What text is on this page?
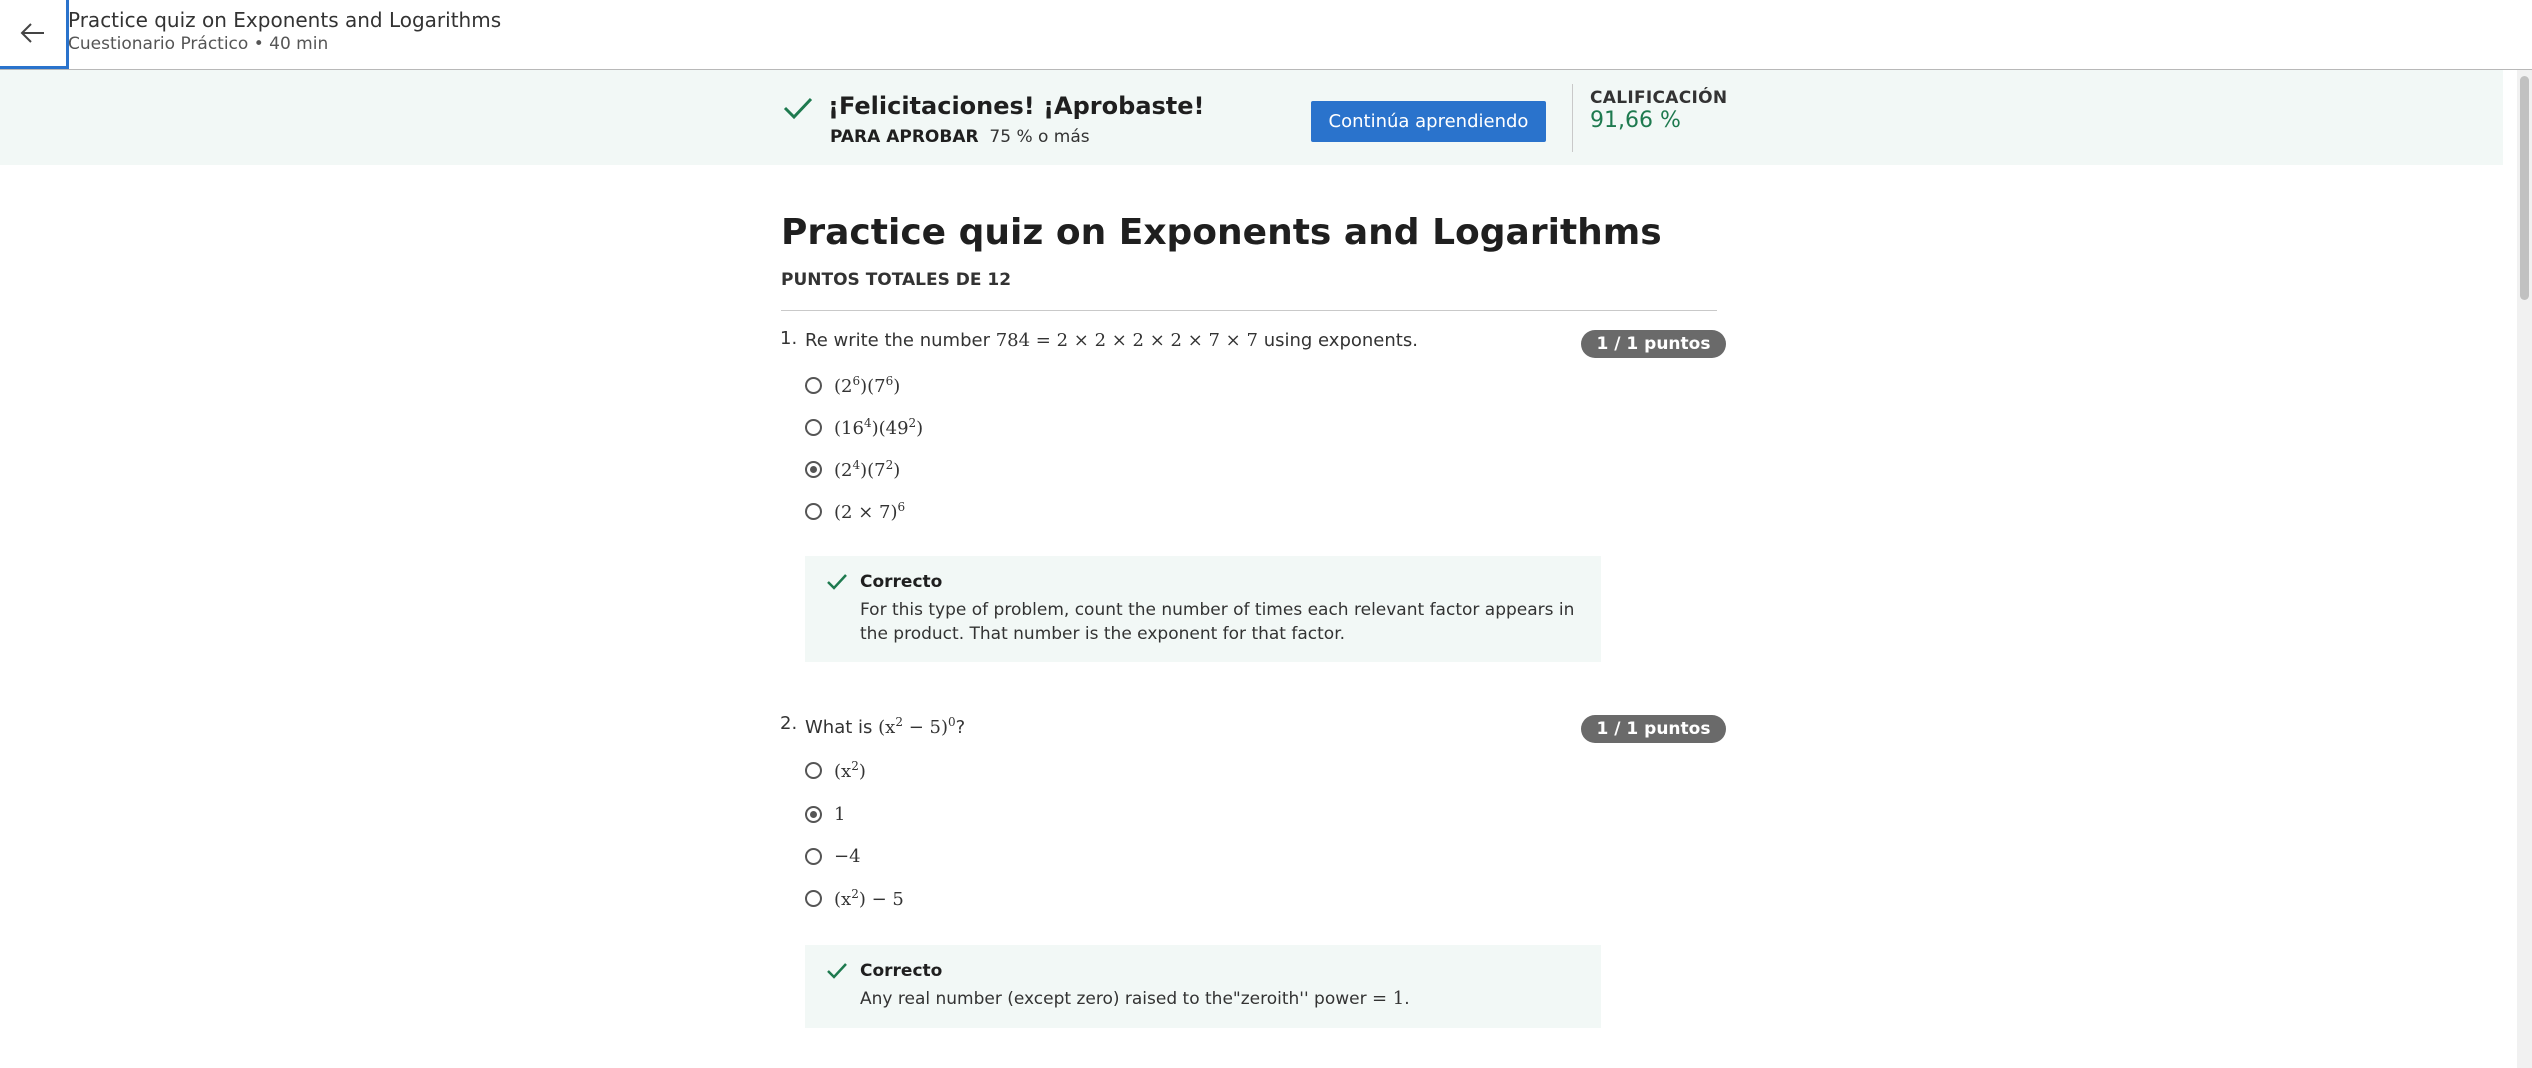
Practice quiz on Exponents and Logarithms
Cuestionario Práctico • 40 min
¡Felicitaciones! ¡Aprobaste!
PARA APROBAR 75 % o más
Continúa aprendiendo
CALIFICACIÓN
91,66 %
Practice quiz on Exponents and Logarithms
PUNTOS TOTALES DE 12
1. Re write the number 784 = 2 × 2 × 2 × 2 × 7 × 7 using exponents.	1 / 1 puntos
$(2^6)(7^6)$
$(16^4)(49^2)$
$(2^4)(7^2)$
$(2 \times 7)^6$
Correcto
For this type of problem, count the number of times each relevant factor appears in the product. That number is the exponent for that factor.
2. What is $(x^2 - 5)^0$?	1 / 1 puntos
$(x^2)$
1
−4
$(x^2) - 5$
Correcto
Any real number (except zero) raised to the"zeroith'' power = 1.
